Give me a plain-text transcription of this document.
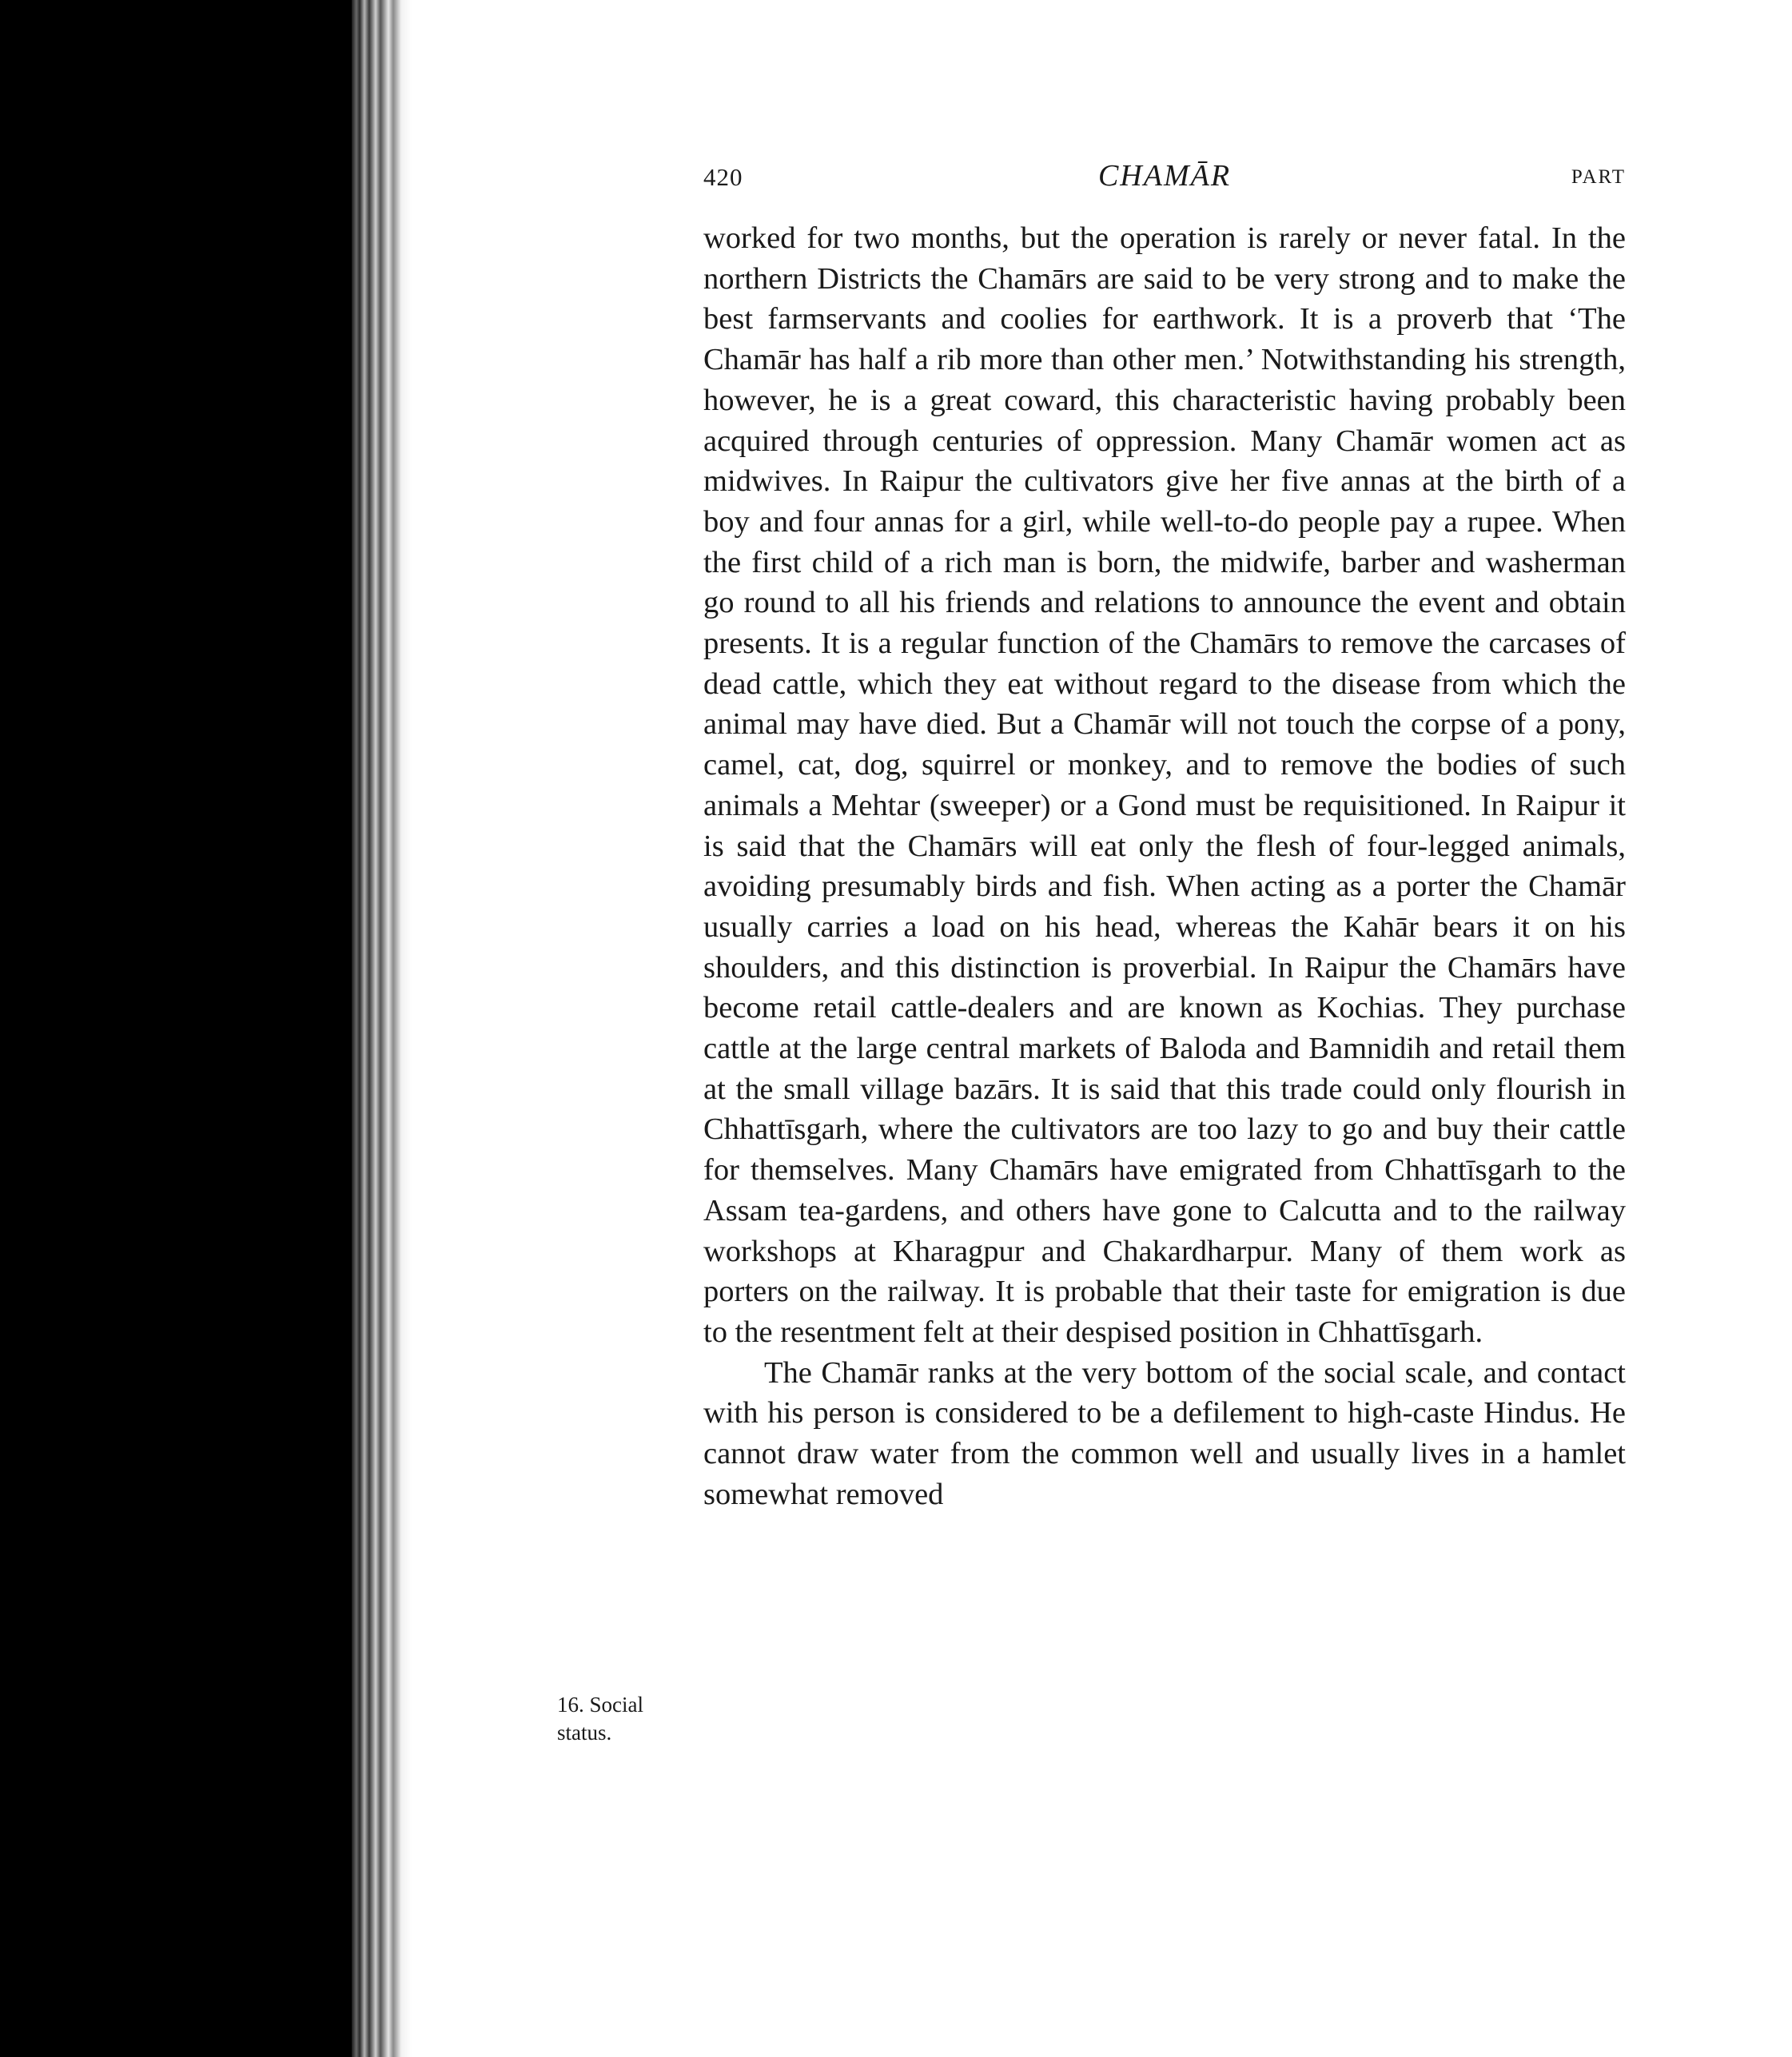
420	CHAMĀR	PART

worked for two months, but the operation is rarely or never fatal. In the northern Districts the Chamārs are said to be very strong and to make the best farmservants and coolies for earthwork. It is a proverb that ‘The Chamār has half a rib more than other men.’ Notwithstanding his strength, however, he is a great coward, this characteristic having probably been acquired through centuries of oppression. Many Chamār women act as midwives. In Raipur the cultivators give her five annas at the birth of a boy and four annas for a girl, while well-to-do people pay a rupee. When the first child of a rich man is born, the midwife, barber and washerman go round to all his friends and relations to announce the event and obtain presents. It is a regular function of the Chamārs to remove the carcases of dead cattle, which they eat without regard to the disease from which the animal may have died. But a Chamār will not touch the corpse of a pony, camel, cat, dog, squirrel or monkey, and to remove the bodies of such animals a Mehtar (sweeper) or a Gond must be requisitioned. In Raipur it is said that the Chamārs will eat only the flesh of four-legged animals, avoiding presumably birds and fish. When acting as a porter the Chamār usually carries a load on his head, whereas the Kahār bears it on his shoulders, and this distinction is proverbial. In Raipur the Chamārs have become retail cattle-dealers and are known as Kochias. They purchase cattle at the large central markets of Baloda and Bamnidih and retail them at the small village bazārs. It is said that this trade could only flourish in Chhattīsgarh, where the cultivators are too lazy to go and buy their cattle for themselves. Many Chamārs have emigrated from Chhattīsgarh to the Assam tea-gardens, and others have gone to Calcutta and to the railway workshops at Kharagpur and Chakardharpur. Many of them work as porters on the railway. It is probable that their taste for emigration is due to the resentment felt at their despised position in Chhattīsgarh.

The Chamār ranks at the very bottom of the social scale, and contact with his person is considered to be a defilement to high-caste Hindus. He cannot draw water from the common well and usually lives in a hamlet somewhat removed

16. Social status.
